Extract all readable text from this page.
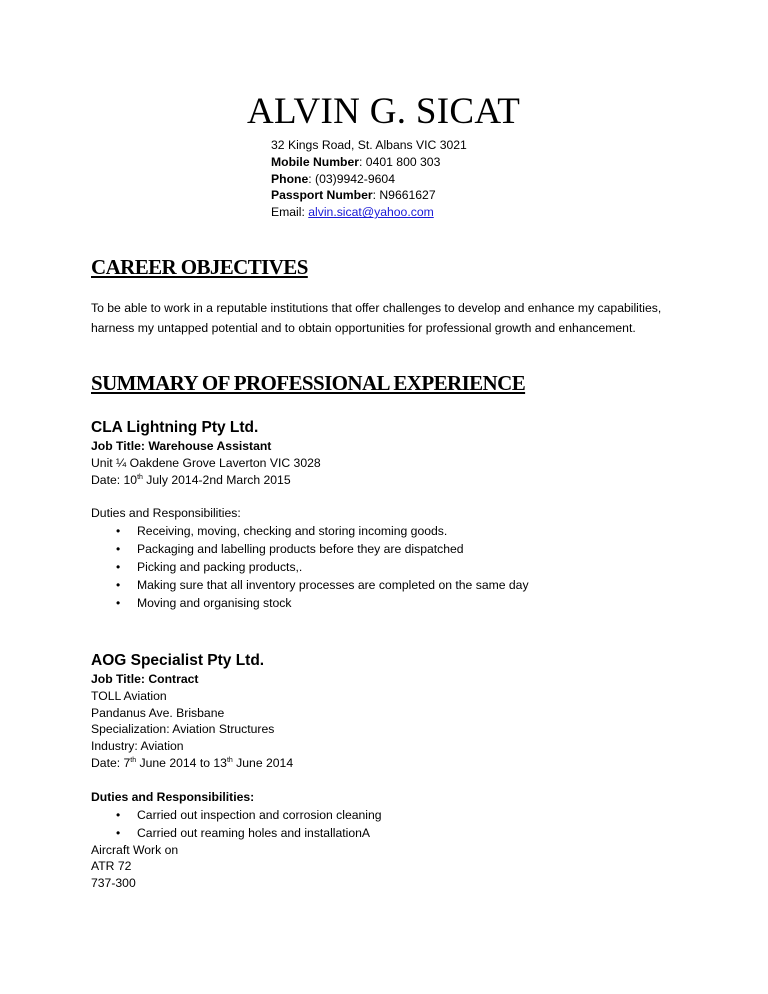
ALVIN G. SICAT
32 Kings Road, St. Albans VIC 3021
Mobile Number: 0401 800 303
Phone: (03)9942-9604
Passport Number: N9661627
Email: alvin.sicat@yahoo.com
CAREER OBJECTIVES
To be able to work in a reputable institutions that offer challenges to develop and enhance my capabilities, harness my untapped potential and to obtain opportunities for professional growth and enhancement.
SUMMARY OF PROFESSIONAL EXPERIENCE
CLA Lightning Pty Ltd.
Job Title: Warehouse Assistant
Unit ¼ Oakdene Grove Laverton VIC 3028
Date: 10th July 2014-2nd March 2015
Duties and Responsibilities:
• Receiving, moving, checking and storing incoming goods.
• Packaging and labelling products before they are dispatched
• Picking and packing products,.
• Making sure that all inventory processes are completed on the same day
• Moving and organising stock
AOG Specialist Pty Ltd.
Job Title: Contract
TOLL Aviation
Pandanus Ave. Brisbane
Specialization: Aviation Structures
Industry: Aviation
Date: 7th June 2014 to 13th June 2014
Duties and Responsibilities:
• Carried out inspection and corrosion cleaning
• Carried out reaming holes and installationA
Aircraft Work on
ATR 72
737-300
